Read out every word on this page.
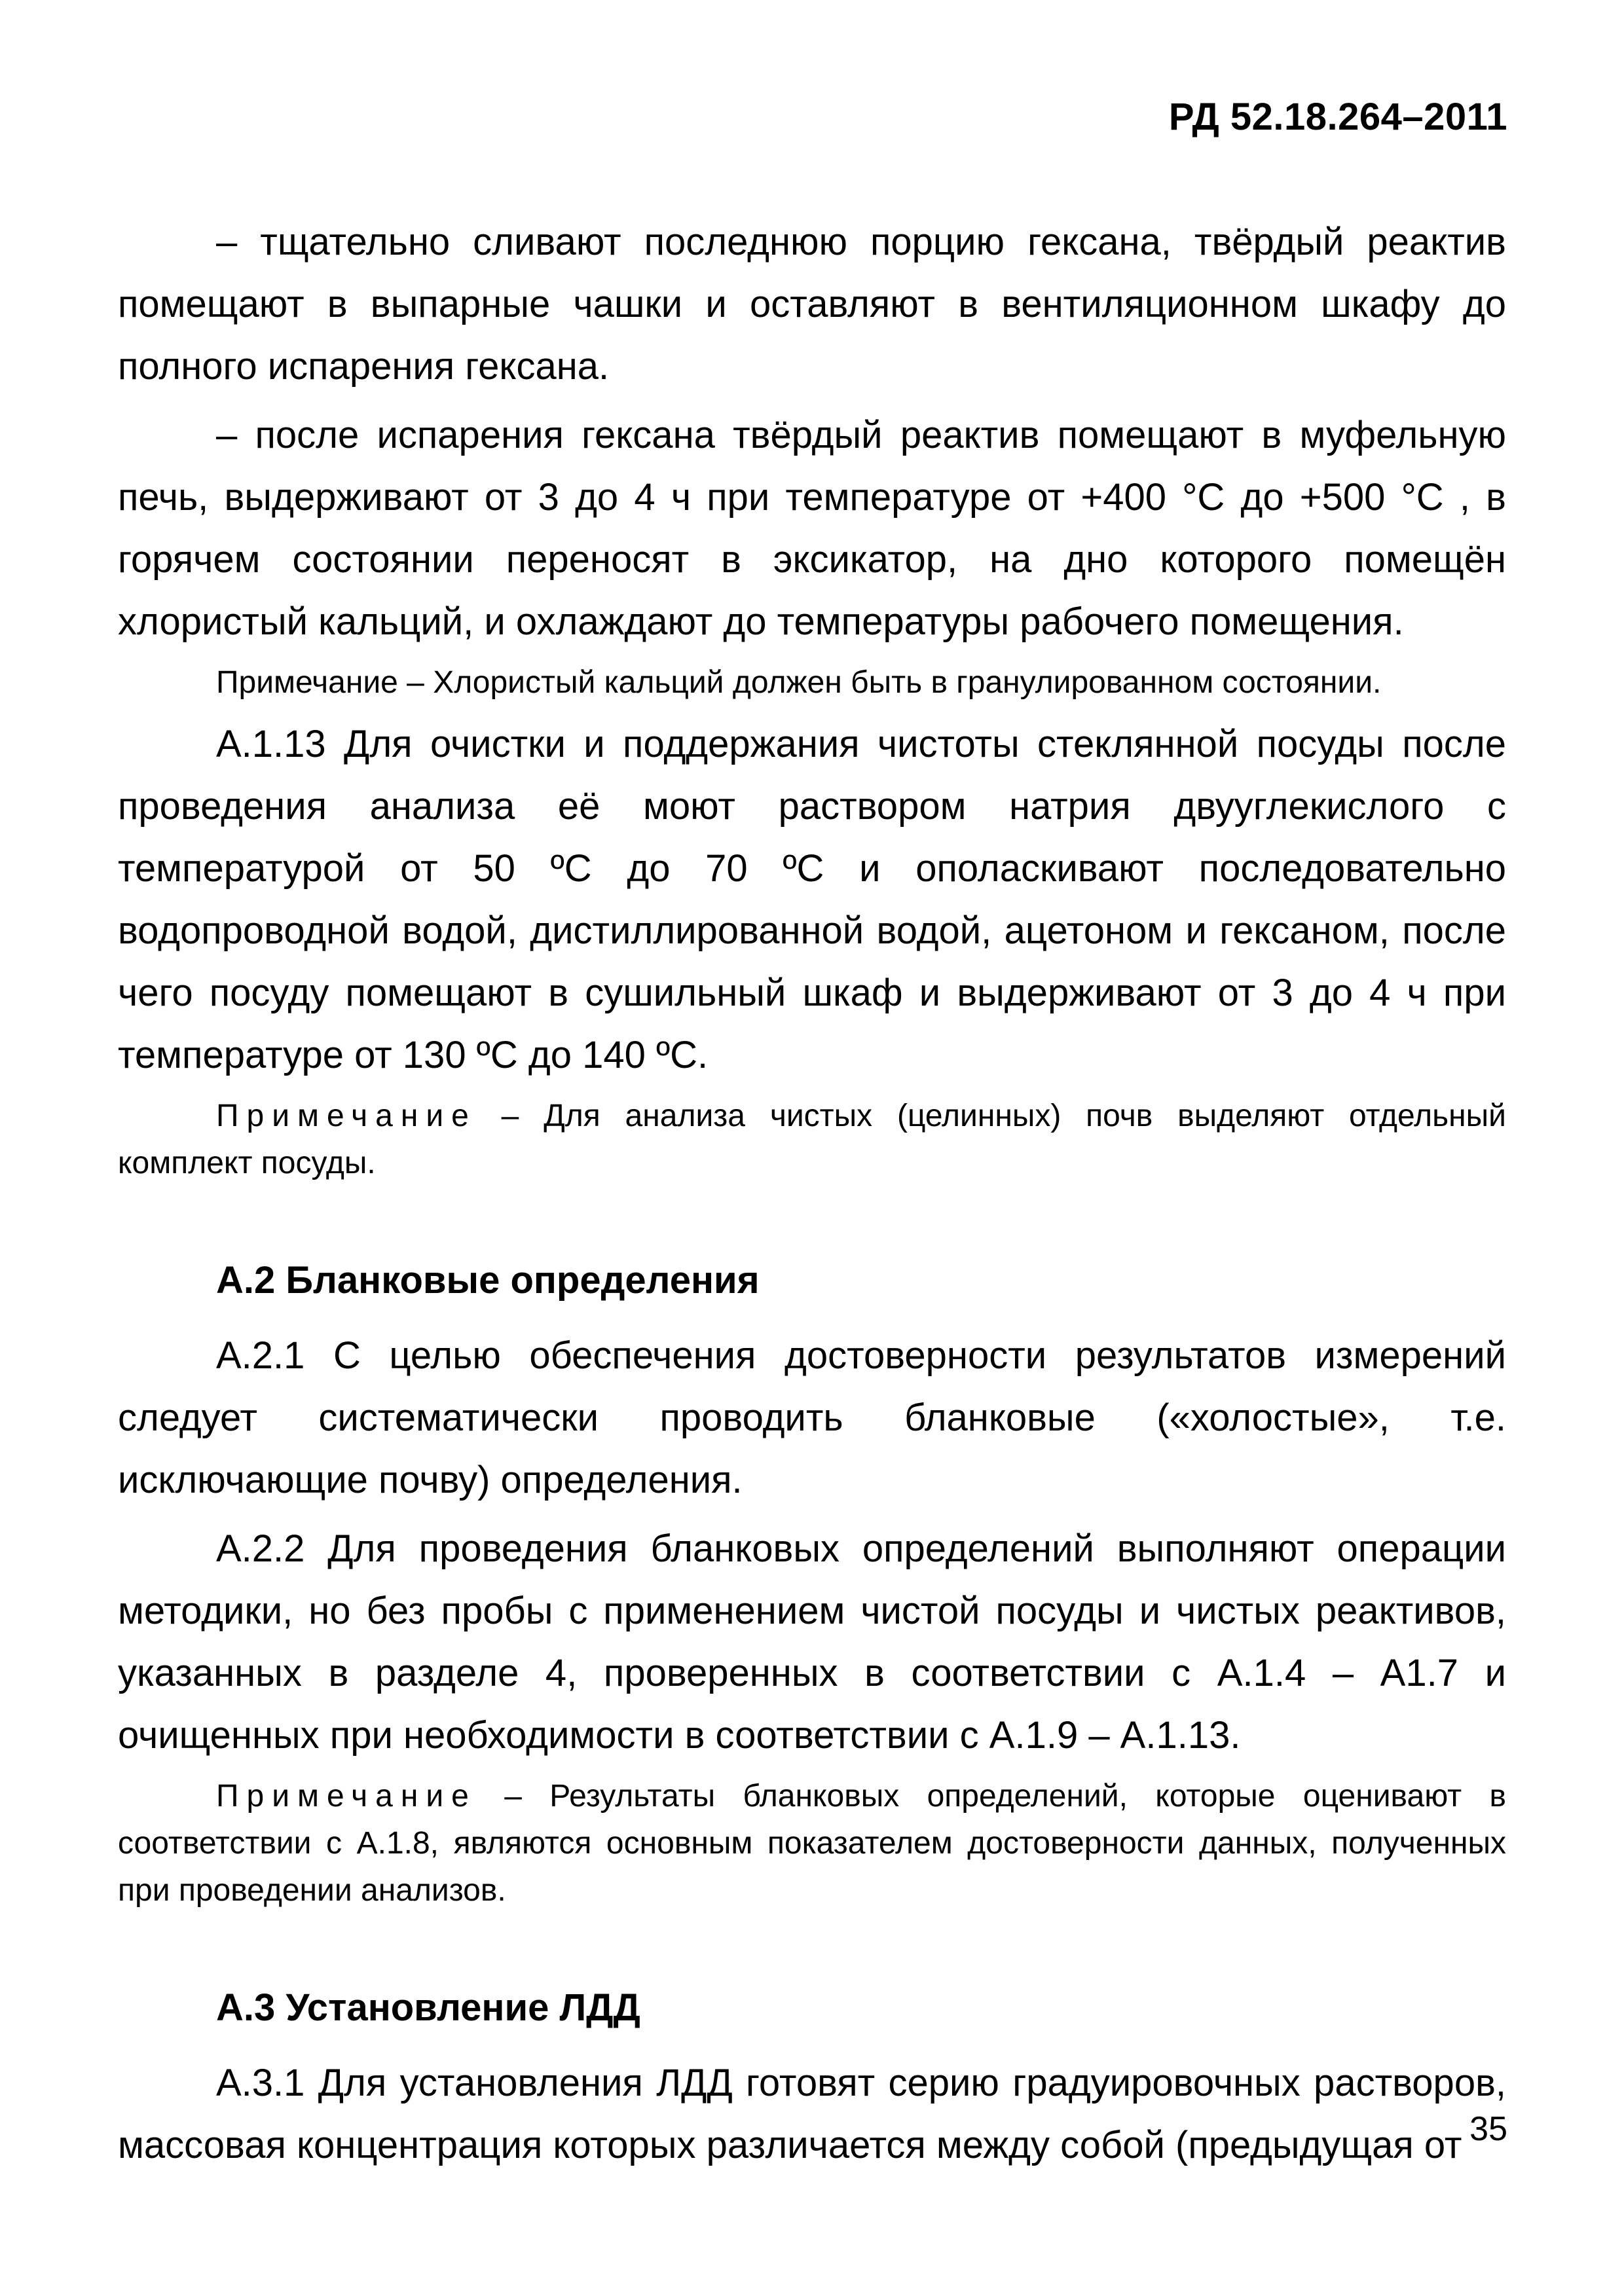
РД 52.18.264–2011

– тщательно сливают последнюю порцию гексана, твёрдый реактив помещают в выпарные чашки и оставляют в вентиляционном шкафу до полного испарения гексана.

– после испарения гексана твёрдый реактив помещают в муфельную печь, выдерживают от 3 до 4 ч при температуре от +400 °С до +500 °С , в горячем состоянии переносят в эксикатор, на дно которого помещён хлористый кальций, и охлаждают до температуры рабочего помещения.

Примечание – Хлористый кальций должен быть в гранулированном состоянии.

А.1.13 Для очистки и поддержания чистоты стеклянной посуды после проведения анализа её моют раствором натрия двууглекислого с температурой от 50 ºС до 70 ºС и ополаскивают последовательно водопроводной водой, дистиллированной водой, ацетоном и гексаном, после чего посуду помещают в сушильный шкаф и выдерживают от 3 до 4 ч при температуре от 130 ºС до 140 ºС.

Примечание – Для анализа чистых (целинных) почв выделяют отдельный комплект посуды.

А.2 Бланковые определения

А.2.1 С целью обеспечения достоверности результатов измерений следует систематически проводить бланковые («холостые», т.е. исключающие почву) определения.

А.2.2 Для проведения бланковых определений выполняют операции методики, но без пробы с применением чистой посуды и чистых реактивов, указанных в разделе 4, проверенных в соответствии с А.1.4 – А1.7 и очищенных при необходимости в соответствии с А.1.9 – А.1.13.

Примечание – Результаты бланковых определений, которые оценивают в соответствии с А.1.8, являются основным показателем достоверности данных, полученных при проведении анализов.

А.3 Установление ЛДД

А.3.1 Для установления ЛДД готовят серию градуировочных растворов, массовая концентрация которых различается между собой (предыдущая от 35
